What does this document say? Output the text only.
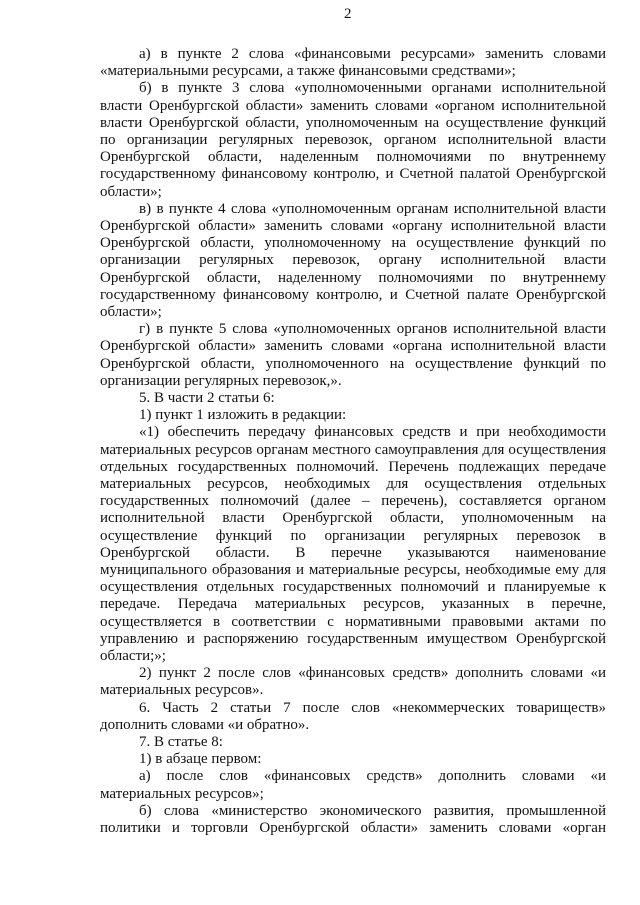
2
а) в пункте 2 слова «финансовыми ресурсами» заменить словами
«материальными ресурсами, а также финансовыми средствами»;
б) в пункте 3 слова «уполномоченными органами исполнительной
власти Оренбургской области» заменить словами «органом исполнительной
власти Оренбургской области, уполномоченным на осуществление функций
по организации регулярных перевозок, органом исполнительной власти
Оренбургской области, наделенным полномочиями по внутреннему
государственному финансовому контролю, и Счетной палатой Оренбургской
области»;
в) в пункте 4 слова «уполномоченным органам исполнительной власти
Оренбургской области» заменить словами «органу исполнительной власти
Оренбургской области, уполномоченному на осуществление функций по
организации регулярных перевозок, органу исполнительной власти
Оренбургской области, наделенному полномочиями по внутреннему
государственному финансовому контролю, и Счетной палате Оренбургской
области»;
г) в пункте 5 слова «уполномоченных органов исполнительной власти
Оренбургской области» заменить словами «органа исполнительной власти
Оренбургской области, уполномоченного на осуществление функций по
организации регулярных перевозок,».
5. В части 2 статьи 6:
1) пункт 1 изложить в редакции:
«1) обеспечить передачу финансовых средств и при необходимости
материальных ресурсов органам местного самоуправления для осуществления
отдельных государственных полномочий. Перечень подлежащих передаче
материальных ресурсов, необходимых для осуществления отдельных
государственных полномочий (далее – перечень), составляется органом
исполнительной власти Оренбургской области, уполномоченным на
осуществление функций по организации регулярных перевозок в
Оренбургской области. В перечне указываются наименование
муниципального образования и материальные ресурсы, необходимые ему для
осуществления отдельных государственных полномочий и планируемые к
передаче. Передача материальных ресурсов, указанных в перечне,
осуществляется в соответствии с нормативными правовыми актами по
управлению и распоряжению государственным имуществом Оренбургской
области;»;
2) пункт 2 после слов «финансовых средств» дополнить словами «и
материальных ресурсов».
6. Часть 2 статьи 7 после слов «некоммерческих товариществ»
дополнить словами «и обратно».
7. В статье 8:
1) в абзаце первом:
а) после слов «финансовых средств» дополнить словами «и
материальных ресурсов»;
б) слова «министерство экономического развития, промышленной
политики и торговли Оренбургской области» заменить словами «орган
